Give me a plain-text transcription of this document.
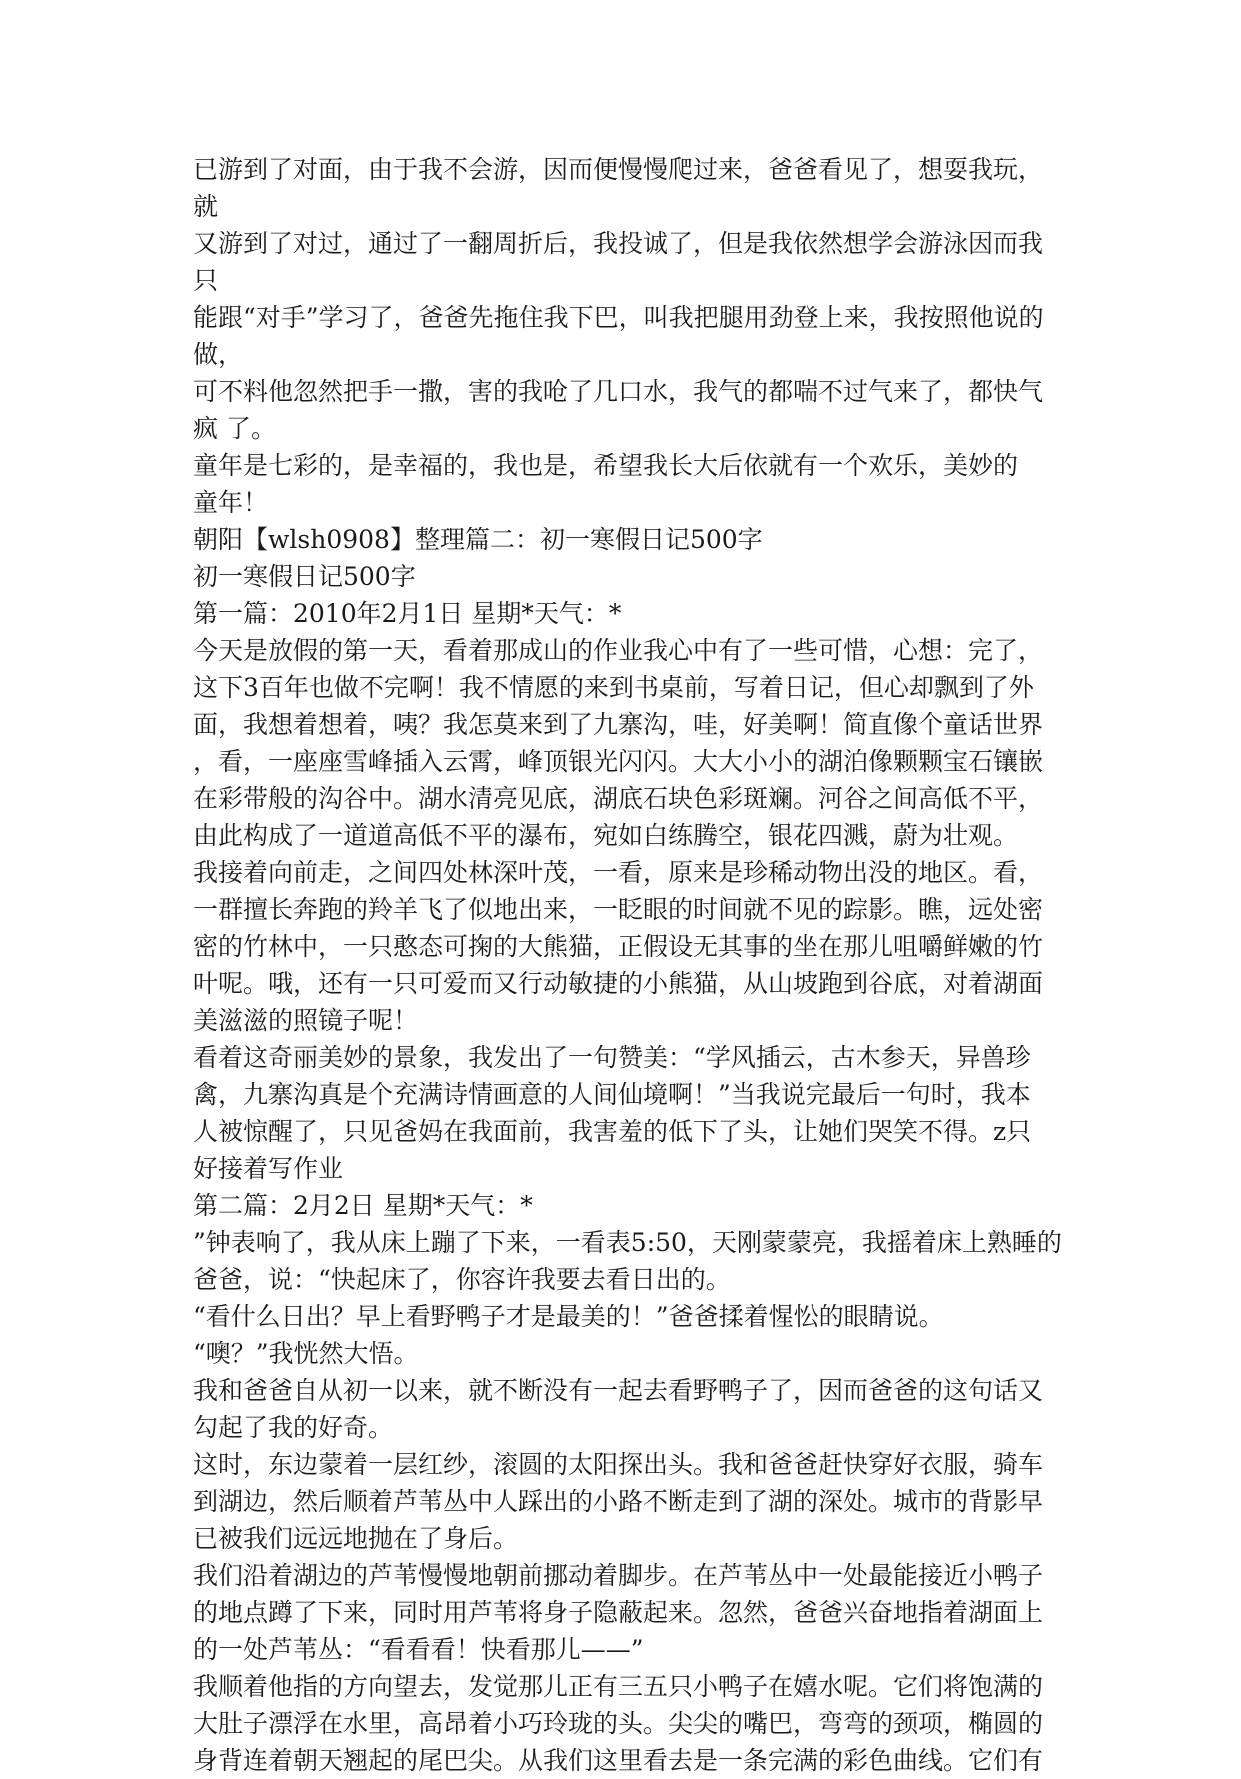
已游到了对面，由于我不会游，因而便慢慢爬过来，爸爸看见了，想耍我玩，
就
又游到了对过，通过了一翻周折后，我投诚了，但是我依然想学会游泳因而我
只
能跟“对手”学习了，爸爸先拖住我下巴，叫我把腿用劲登上来，我按照他说的
做，
可不料他忽然把手一撒，害的我呛了几口水，我气的都喘不过气来了，都快气
疯 了。
童年是七彩的，是幸福的，我也是，希望我长大后依就有一个欢乐，美妙的
童年！
朝阳【wlsh0908】整理篇二：初一寒假日记500字
初一寒假日记500字
第一篇：2010年2月1日 星期*天气：*
今天是放假的第一天，看着那成山的作业我心中有了一些可惜，心想：完了，
这下3百年也做不完啊！我不情愿的来到书桌前，写着日记，但心却飘到了外
面，我想着想着，咦？我怎莫来到了九寨沟，哇，好美啊！简直像个童话世界
，看，一座座雪峰插入云霄，峰顶银光闪闪。大大小小的湖泊像颗颗宝石镶嵌
在彩带般的沟谷中。湖水清亮见底，湖底石块色彩斑斓。河谷之间高低不平，
由此构成了一道道高低不平的瀑布，宛如白练腾空，银花四溅，蔚为壮观。
我接着向前走，之间四处林深叶茂，一看，原来是珍稀动物出没的地区。看，
一群擅长奔跑的羚羊飞了似地出来，一眨眼的时间就不见的踪影。瞧，远处密
密的竹林中，一只憨态可掬的大熊猫，正假设无其事的坐在那儿咀嚼鲜嫩的竹
叶呢。哦，还有一只可爱而又行动敏捷的小熊猫，从山坡跑到谷底，对着湖面
美滋滋的照镜子呢！
看着这奇丽美妙的景象，我发出了一句赞美：“学风插云，古木参天，异兽珍
禽，九寨沟真是个充满诗情画意的人间仙境啊！”当我说完最后一句时，我本
人被惊醒了，只见爸妈在我面前，我害羞的低下了头，让她们哭笑不得。z只
好接着写作业
第二篇：2月2日 星期*天气：*
”钟表响了，我从床上蹦了下来，一看表5:50，天刚蒙蒙亮，我摇着床上熟睡的
爸爸，说：“快起床了，你容许我要去看日出的。
“看什么日出？早上看野鸭子才是最美的！”爸爸揉着惺忪的眼睛说。
“噢？”我恍然大悟。
我和爸爸自从初一以来，就不断没有一起去看野鸭子了，因而爸爸的这句话又
勾起了我的好奇。
这时，东边蒙着一层红纱，滚圆的太阳探出头。我和爸爸赶快穿好衣服，骑车
到湖边，然后顺着芦苇丛中人踩出的小路不断走到了湖的深处。城市的背影早
已被我们远远地抛在了身后。
我们沿着湖边的芦苇慢慢地朝前挪动着脚步。在芦苇丛中一处最能接近小鸭子
的地点蹲了下来，同时用芦苇将身子隐蔽起来。忽然，爸爸兴奋地指着湖面上
的一处芦苇丛：“看看看！快看那儿——”
我顺着他指的方向望去，发觉那儿正有三五只小鸭子在嬉水呢。它们将饱满的
大肚子漂浮在水里，高昂着小巧玲珑的头。尖尖的嘴巴，弯弯的颈项，椭圆的
身背连着朝天翘起的尾巴尖。从我们这里看去是一条完满的彩色曲线。它们有
